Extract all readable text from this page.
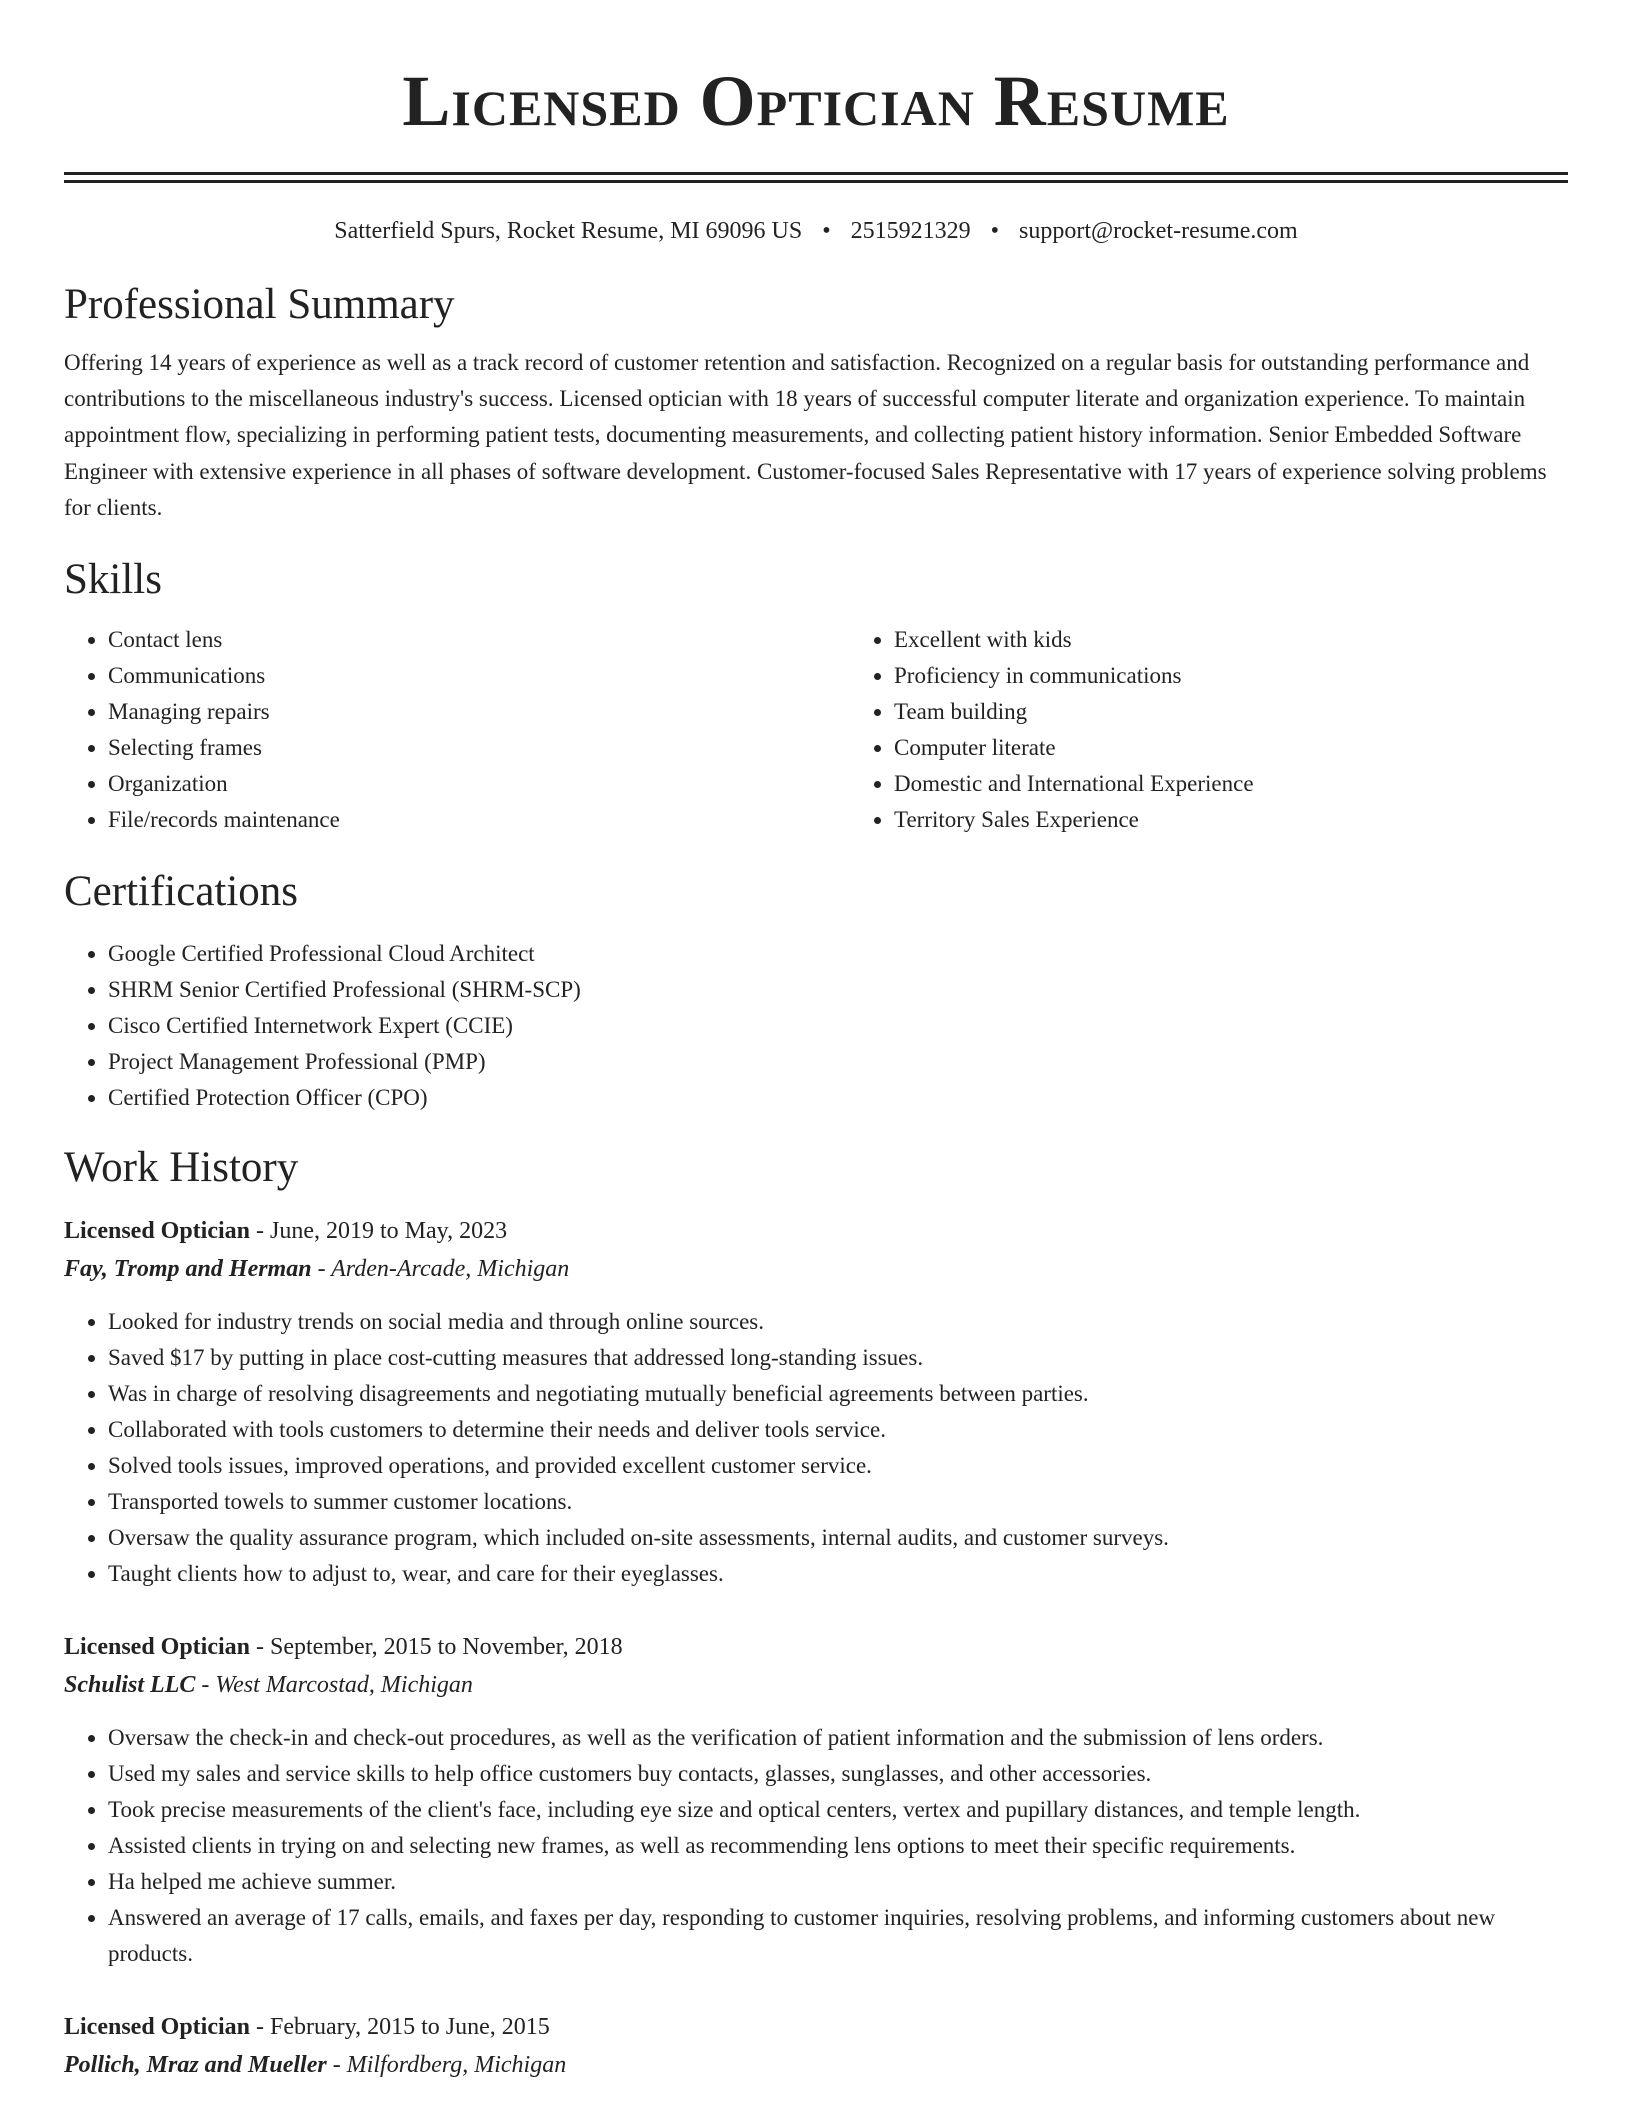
Licensed Optician Resume
Satterfield Spurs, Rocket Resume, MI 69096 US • 2515921329 • support@rocket-resume.com
Professional Summary

Offering 14 years of experience as well as a track record of customer retention and satisfaction. Recognized on a regular basis for outstanding performance and contributions to the miscellaneous industry's success. Licensed optician with 18 years of successful computer literate and organization experience. To maintain appointment flow, specializing in performing patient tests, documenting measurements, and collecting patient history information. Senior Embedded Software Engineer with extensive experience in all phases of software development. Customer-focused Sales Representative with 17 years of experience solving problems for clients.

Skills
• Contact lens
• Communications
• Managing repairs
• Selecting frames
• Organization
• File/records maintenance
• Excellent with kids
• Proficiency in communications
• Team building
• Computer literate
• Domestic and International Experience
• Territory Sales Experience
Certifications
• Google Certified Professional Cloud Architect
• SHRM Senior Certified Professional (SHRM-SCP)
• Cisco Certified Internetwork Expert (CCIE)
• Project Management Professional (PMP)
• Certified Protection Officer (CPO)
Work History
Licensed Optician - June, 2019 to May, 2023
Fay, Tromp and Herman - Arden-Arcade, Michigan
• Looked for industry trends on social media and through online sources.
• Saved $17 by putting in place cost-cutting measures that addressed long-standing issues.
• Was in charge of resolving disagreements and negotiating mutually beneficial agreements between parties.
• Collaborated with tools customers to determine their needs and deliver tools service.
• Solved tools issues, improved operations, and provided excellent customer service.
• Transported towels to summer customer locations.
• Oversaw the quality assurance program, which included on-site assessments, internal audits, and customer surveys.
• Taught clients how to adjust to, wear, and care for their eyeglasses.
Licensed Optician - September, 2015 to November, 2018
Schulist LLC - West Marcostad, Michigan
• Oversaw the check-in and check-out procedures, as well as the verification of patient information and the submission of lens orders.
• Used my sales and service skills to help office customers buy contacts, glasses, sunglasses, and other accessories.
• Took precise measurements of the client's face, including eye size and optical centers, vertex and pupillary distances, and temple length.
• Assisted clients in trying on and selecting new frames, as well as recommending lens options to meet their specific requirements.
• Ha helped me achieve summer.
• Answered an average of 17 calls, emails, and faxes per day, responding to customer inquiries, resolving problems, and informing customers about new products.
Licensed Optician - February, 2015 to June, 2015
Pollich, Mraz and Mueller - Milfordberg, Michigan
